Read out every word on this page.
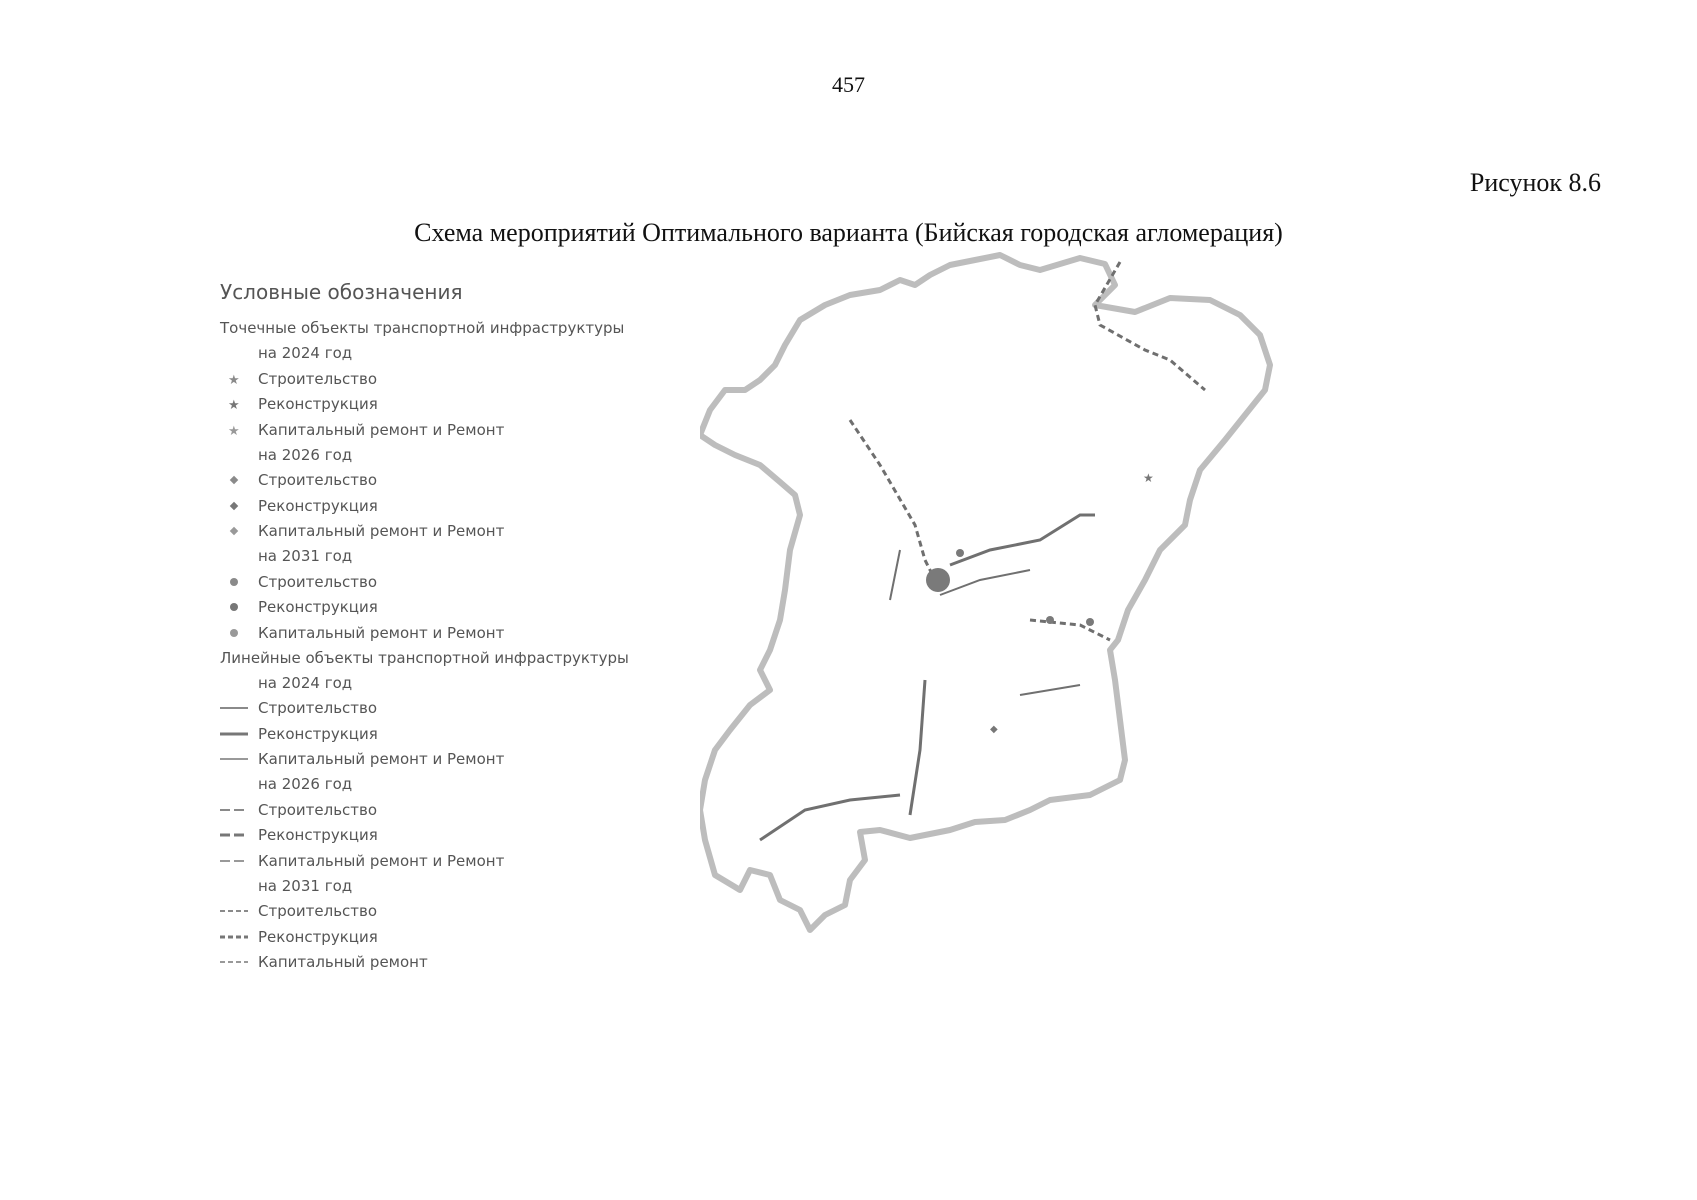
457
Рисунок 8.6
Схема мероприятий Оптимального варианта (Бийская городская агломерация)
Условные обозначения
Точечные объекты транспортной инфраструктуры
на 2024 год
★ Строительство
★ Реконструкция
★ Капитальный ремонт и Ремонт
на 2026 год
Строительство
Реконструкция
Капитальный ремонт и Ремонт
на 2031 год
Строительство
Реконструкция
Капитальный ремонт и Ремонт
Линейные объекты транспортной инфраструктуры
на 2024 год
Строительство
Реконструкция
Капитальный ремонт и Ремонт
на 2026 год
Строительство
Реконструкция
Капитальный ремонт и Ремонт
на 2031 год
Строительство
Реконструкция
Капитальный ремонт
★
◆
